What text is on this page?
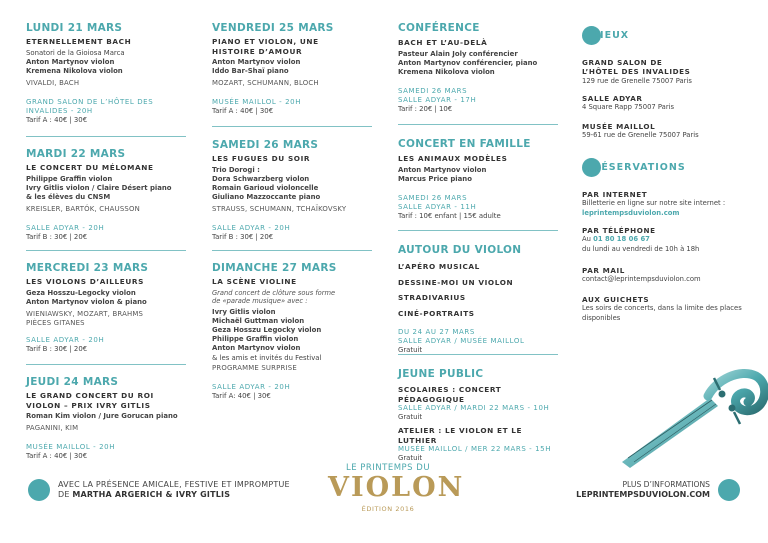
LUNDI 21 MARS
ETERNELLEMENT BACH
Sonatori de la Gioiosa Marca
Anton Martynov violon
Kremena Nikolova violon
VIVALDI, BACH
GRAND SALON DE L’HÔTEL DES INVALIDES - 20H
Tarif A : 40€ | 30€
MARDI 22 MARS
LE CONCERT DU MÉLOMANE
Philippe Graffin violon
Ivry Gitlis violon / Claire Désert piano
& les élèves du CNSM
KREISLER, BARTÓK, CHAUSSON
SALLE ADYAR - 20H
Tarif B : 30€ | 20€
MERCREDI 23 MARS
LES VIOLONS D’AILLEURS
Geza Hosszu-Legocky violon
Anton Martynov violon & piano
WIENIAWSKY, MOZART, BRAHMS PIÈCES GITANES
SALLE ADYAR - 20H
Tarif B : 30€ | 20€
JEUDI 24 MARS
LE GRAND CONCERT DU ROI VIOLON – PRIX IVRY GITLIS
Roman Kim violon / Jure Gorucan piano
PAGANINI, KIM
MUSÉE MAILLOL - 20H
Tarif A : 40€ | 30€
VENDREDI 25 MARS
PIANO ET VIOLON, UNE HISTOIRE D’AMOUR
Anton Martynov violon
Iddo Bar-Shaï piano
MOZART, SCHUMANN, BLOCH
MUSÉE MAILLOL - 20H
Tarif A : 40€ | 30€
SAMEDI 26 MARS
LES FUGUES DU SOIR
Trio Dorogi :
Dora Schwarzberg violon
Romain Garioud violoncelle
Giuliano Mazzoccante piano
STRAUSS, SCHUMANN, TCHAÏKOVSKY
SALLE ADYAR - 20H
Tarif B : 30€ | 20€
DIMANCHE 27 MARS
LA SCÈNE VIOLINE
Grand concert de clôture sous forme de «parade musique» avec :
Ivry Gitlis violon
Michaël Guttman violon
Geza Hosszu Legocky violon
Philippe Graffin violon
Anton Martynov violon
& les amis et invités du Festival
PROGRAMME SURPRISE
SALLE ADYAR - 20H
Tarif A: 40€ | 30€
CONFÉRENCE
BACH ET L’AU-DELÀ
Pasteur Alain Joly conférencier
Anton Martynov conférencier, piano
Kremena Nikolova violon
SAMEDI 26 MARS
SALLE ADYAR - 17H
Tarif : 20€ | 10€
CONCERT EN FAMILLE
LES ANIMAUX MODÈLES
Anton Martynov violon
Marcus Price piano
SAMEDI 26 MARS
SALLE ADYAR - 11H
Tarif : 10€ enfant | 15€ adulte
AUTOUR DU VIOLON
L’APÉRO MUSICAL
DESSINE-MOI UN VIOLON
STRADIVARIUS
CINÉ-PORTRAITS
DU 24 AU 27 MARS
SALLE ADYAR / MUSÉE MAILLOL
Gratuit
JEUNE PUBLIC
SCOLAIRES : CONCERT PÉDAGOGIQUE
SALLE ADYAR / MARDI 22 MARS - 10H
Gratuit
ATELIER : LE VIOLON ET LE LUTHIER
MUSÉE MAILLOL / MER 22 MARS - 15H
Gratuit
LIEUX
GRAND SALON DE L’HÔTEL DES INVALIDES
129 rue de Grenelle 75007 Paris
SALLE ADYAR
4 Square Rapp 75007 Paris
MUSÉE MAILLOL
59-61 rue de Grenelle 75007 Paris
RÉSERVATIONS
PAR INTERNET
Billetterie en ligne sur notre site internet :
leprintempsduviolon.com
PAR TÉLÉPHONE
Au 01 80 18 06 67
du lundi au vendredi de 10h à 18h
PAR MAIL
contact@leprintempsduviolon.com
AUX GUICHETS
Les soirs de concerts, dans la limite des places disponibles
AVEC LA PRÉSENCE AMICALE, FESTIVE ET IMPROMPTUE
DE MARTHA ARGERICH & IVRY GITLIS
LE PRINTEMPS DU
VIOLON
ÉDITION 2016
PLUS D’INFORMATIONS
LEPRINTEMPSDUVIOLON.COM
